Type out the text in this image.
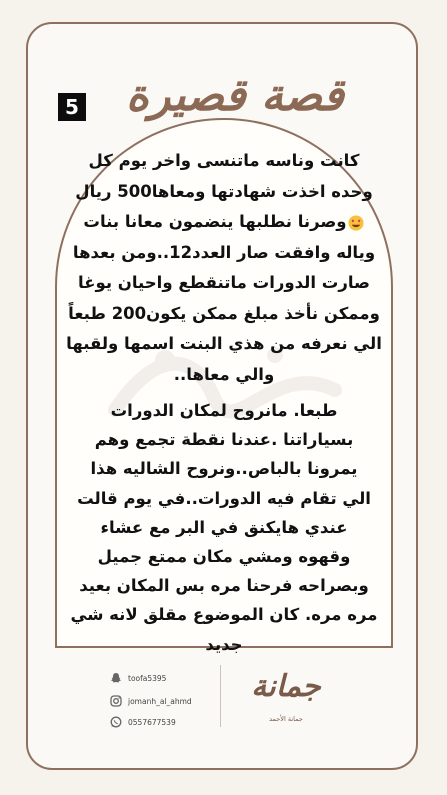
5	قصة قصيرة

كانت وناسه ماتنسى واخر يوم كل

وحده اخذت شهادتها ومعاها500 ريال

وصرنا نطلبها ينضمون معانا بنات

وياله وافقت صار العدد12..ومن بعدها

صارت الدورات ماتنقطع واحيان يوغا

وممكن نأخذ مبلغ ممكن يكون200 طبعاً

الي نعرفه من هذي البنت اسمها ولقبها

والي معاها..

طبعا. مانروح لمكان الدورات

بسياراتنا .عندنا نقطة تجمع وهم

يمرونا بالباص..ونروح الشاليه هذا

الي تقام فيه الدورات..في يوم قالت

عندي هايكنق في البر مع عشاء

وقهوه ومشي مكان ممتع جميل

وبصراحه فرحنا مره بس المكان بعيد

مره مره. كان الموضوع مقلق لانه شي

جديد

toofa5395
jomanh_al_ahmd
0557677539
جمانة
جمانة الأحمد
